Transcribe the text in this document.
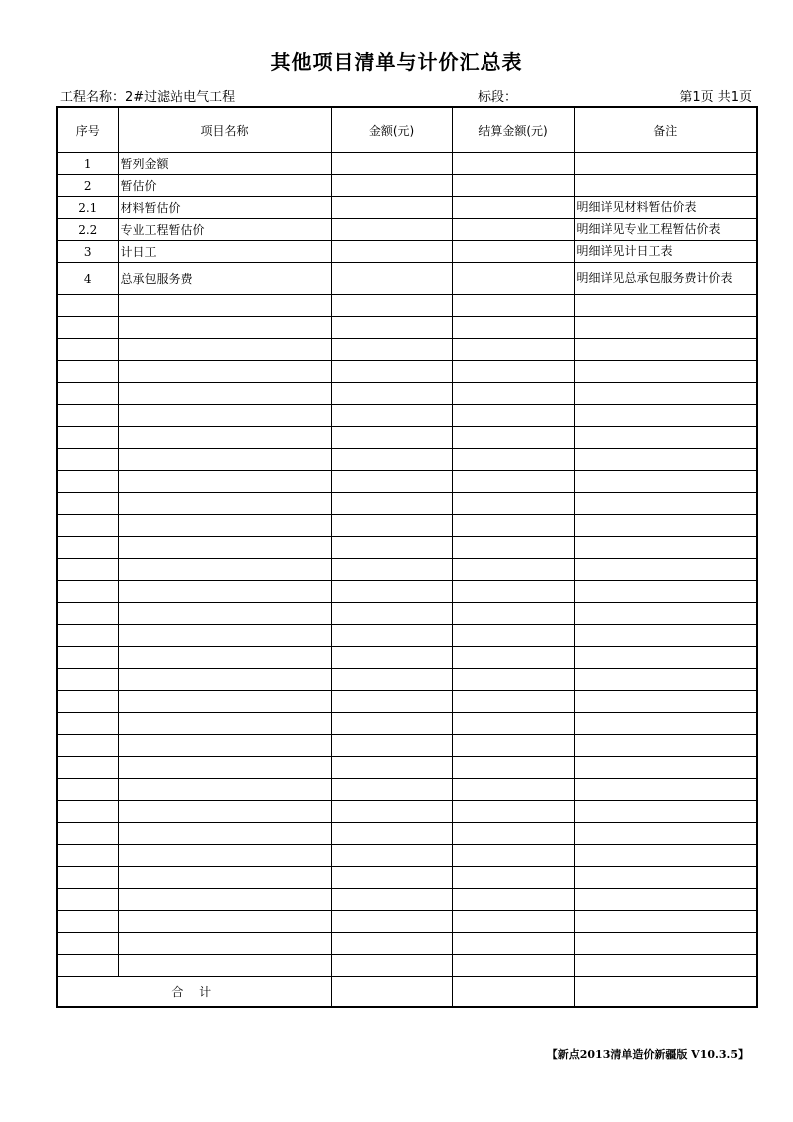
其他项目清单与计价汇总表
工程名称：2#过滤站电气工程	标段：	第1页 共1页
序号	项目名称	金额(元)	结算金额(元)	备注
1	暂列金额			
2	暂估价			
2.1	材料暂估价			明细详见材料暂估价表
2.2	专业工程暂估价			明细详见专业工程暂估价表
3	计日工			明细详见计日工表
4	总承包服务费			明细详见总承包服务费计价表

合 计				
【新点2013清单造价新疆版 V10.3.5】
